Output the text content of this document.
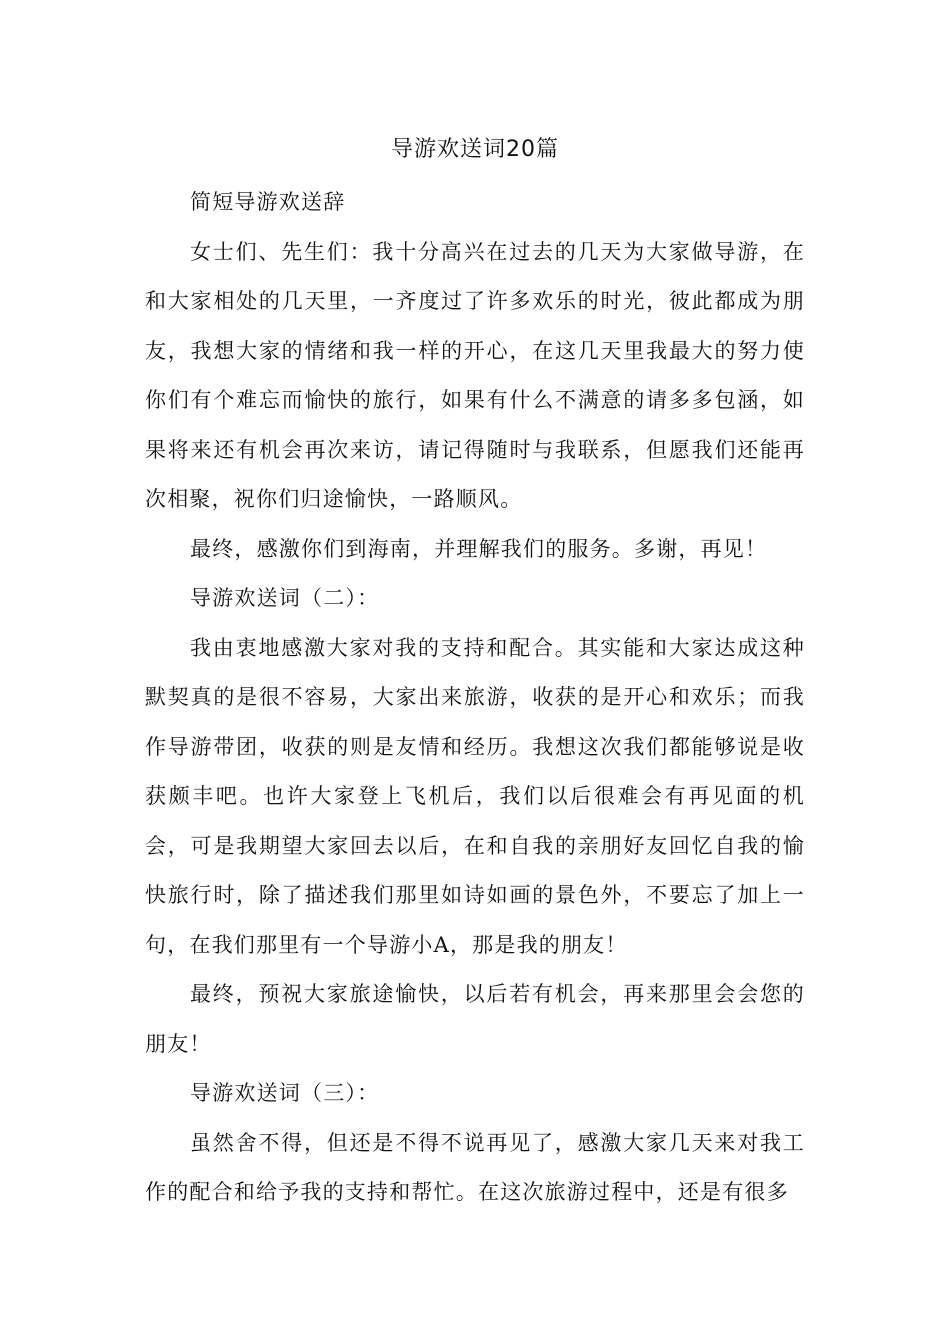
导游欢送词20篇

简短导游欢送辞

女士们、先生们：我十分高兴在过去的几天为大家做导游，在和大家相处的几天里，一齐度过了许多欢乐的时光，彼此都成为朋友，我想大家的情绪和我一样的开心，在这几天里我最大的努力使你们有个难忘而愉快的旅行，如果有什么不满意的请多多包涵，如果将来还有机会再次来访，请记得随时与我联系，但愿我们还能再次相聚，祝你们归途愉快，一路顺风。

最终，感激你们到海南，并理解我们的服务。多谢，再见！

导游欢送词（二）：

我由衷地感激大家对我的支持和配合。其实能和大家达成这种默契真的是很不容易，大家出来旅游，收获的是开心和欢乐；而我作导游带团，收获的则是友情和经历。我想这次我们都能够说是收获颇丰吧。也许大家登上飞机后，我们以后很难会有再见面的机会，可是我期望大家回去以后，在和自我的亲朋好友回忆自我的愉快旅行时，除了描述我们那里如诗如画的景色外，不要忘了加上一句，在我们那里有一个导游小A，那是我的朋友！

最终，预祝大家旅途愉快，以后若有机会，再来那里会会您的朋友！

导游欢送词（三）：

虽然舍不得，但还是不得不说再见了，感激大家几天来对我工作的配合和给予我的支持和帮忙。在这次旅游过程中，还是有很多
